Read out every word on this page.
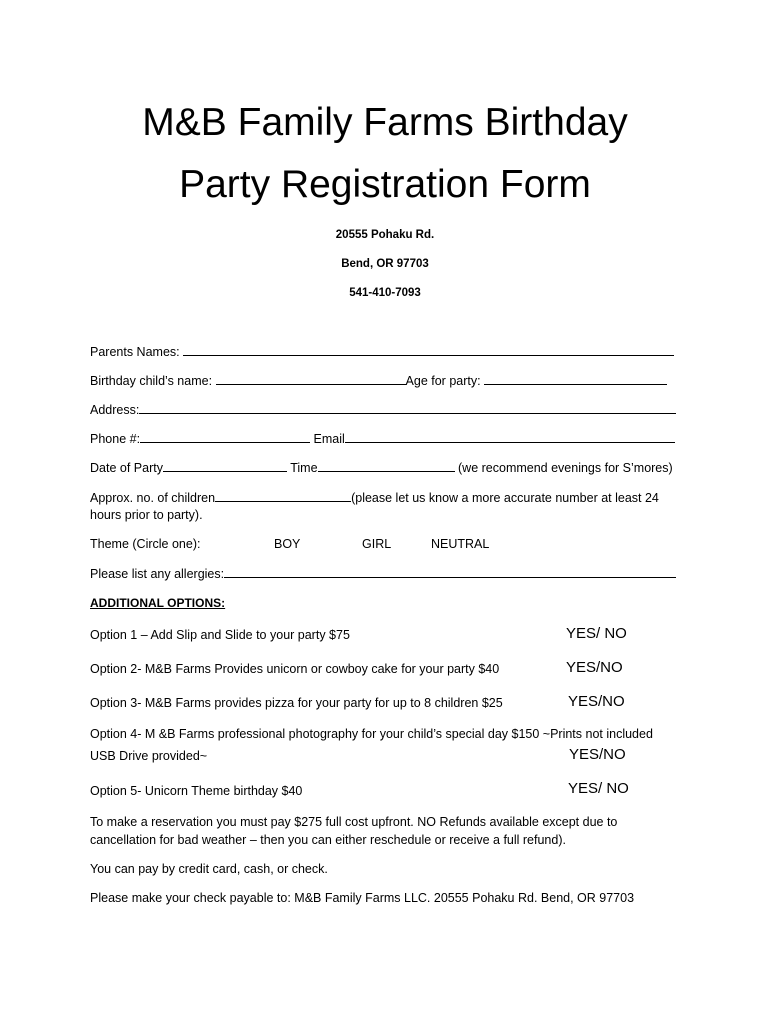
M&B Family Farms Birthday
Party Registration Form
20555 Pohaku Rd.
Bend, OR 97703
541-410-7093
Parents Names:
Birthday child’s name:	Age for party:
Address:
Phone #:	Email
Date of Party	Time	(we recommend evenings for S’mores)
Approx. no. of children	(please let us know a more accurate number at least 24
hours prior to party).
Theme (Circle one):	BOY	GIRL	NEUTRAL
Please list any allergies:
ADDITIONAL OPTIONS:
Option 1 – Add Slip and Slide to your party $75	YES/ NO
Option 2- M&B Farms Provides unicorn or cowboy cake for your party $40	YES/NO
Option 3- M&B Farms provides pizza for your party for up to 8 children $25	YES/NO
Option 4- M &B Farms professional photography for your child’s special day $150 ~Prints not included
USB Drive provided~	YES/NO
Option 5- Unicorn Theme birthday $40	YES/ NO
To make a reservation you must pay $275 full cost upfront. NO Refunds available except due to
cancellation for bad weather – then you can either reschedule or receive a full refund).
You can pay by credit card, cash, or check.
Please make your check payable to: M&B Family Farms LLC. 20555 Pohaku Rd. Bend, OR 97703
